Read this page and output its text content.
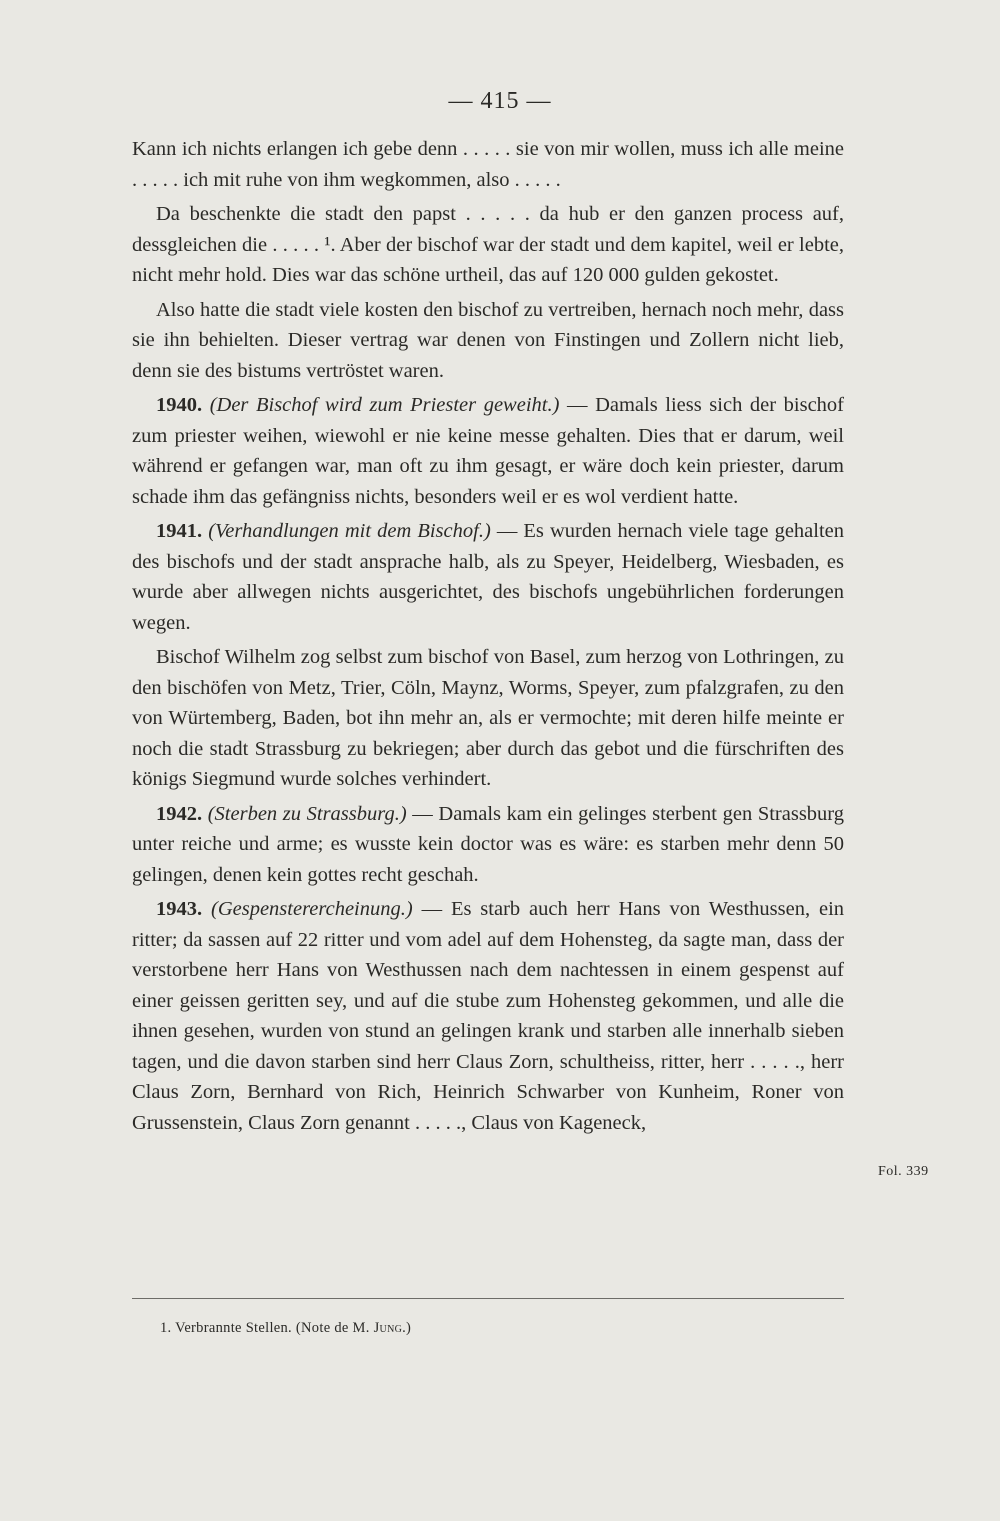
— 415 —

Kann ich nichts erlangen ich gebe denn . . . . . sie von mir wollen, muss ich alle meine . . . . . ich mit ruhe von ihm wegkommen, also . . . . .

Da beschenkte die stadt den papst . . . . . da hub er den ganzen process auf, dessgleichen die . . . . . ¹. Aber der bischof war der stadt und dem kapitel, weil er lebte, nicht mehr hold. Dies war das schöne urtheil, das auf 120 000 gulden gekostet.

Also hatte die stadt viele kosten den bischof zu vertreiben, hernach noch mehr, dass sie ihn behielten. Dieser vertrag war denen von Finstingen und Zollern nicht lieb, denn sie des bistums vertröstet waren.

1940. (Der Bischof wird zum Priester geweiht.) — Damals liess sich der bischof zum priester weihen, wiewohl er nie keine messe gehalten. Dies that er darum, weil während er gefangen war, man oft zu ihm gesagt, er wäre doch kein priester, darum schade ihm das gefängniss nichts, besonders weil er es wol verdient hatte.

1941. (Verhandlungen mit dem Bischof.) — Es wurden hernach viele tage gehalten des bischofs und der stadt ansprache halb, als zu Speyer, Heidelberg, Wiesbaden, es wurde aber allwegen nichts ausgerichtet, des bischofs ungebührlichen forderungen wegen.

Bischof Wilhelm zog selbst zum bischof von Basel, zum herzog von Lothringen, zu den bischöfen von Metz, Trier, Cöln, Maynz, Worms, Speyer, zum pfalzgrafen, zu den von Würtemberg, Baden, bot ihn mehr an, als er vermochte; mit deren hilfe meinte er noch die stadt Strassburg zu bekriegen; aber durch das gebot und die fürschriften des königs Siegmund wurde solches verhindert.

1942. (Sterben zu Strassburg.) — Damals kam ein gelinges sterbent gen Strassburg unter reiche und arme; es wusste kein doctor was es wäre: es starben mehr denn 50 gelingen, denen kein gottes recht geschah.

1943. (Gespensterercheinung.) — Es starb auch herr Hans von Westhussen, ein ritter; da sassen auf 22 ritter und vom adel auf dem Hohensteg, da sagte man, dass der verstorbene herr Hans von Westhussen nach dem nachtessen in einem gespenst auf einer geissen geritten sey, und auf die stube zum Hohensteg gekommen, und alle die ihnen gesehen, wurden von stund an gelingen krank und starben alle innerhalb sieben tagen, und die davon starben sind herr Claus Zorn, schultheiss, ritter, herr . . . . ., herr Claus Zorn, Bernhard von Rich, Heinrich Schwarber von Kunheim, Roner von Grussenstein, Claus Zorn genannt . . . . ., Claus von Kageneck,

Fol. 339
1. Verbrannte Stellen. (Note de M. Jung.)
